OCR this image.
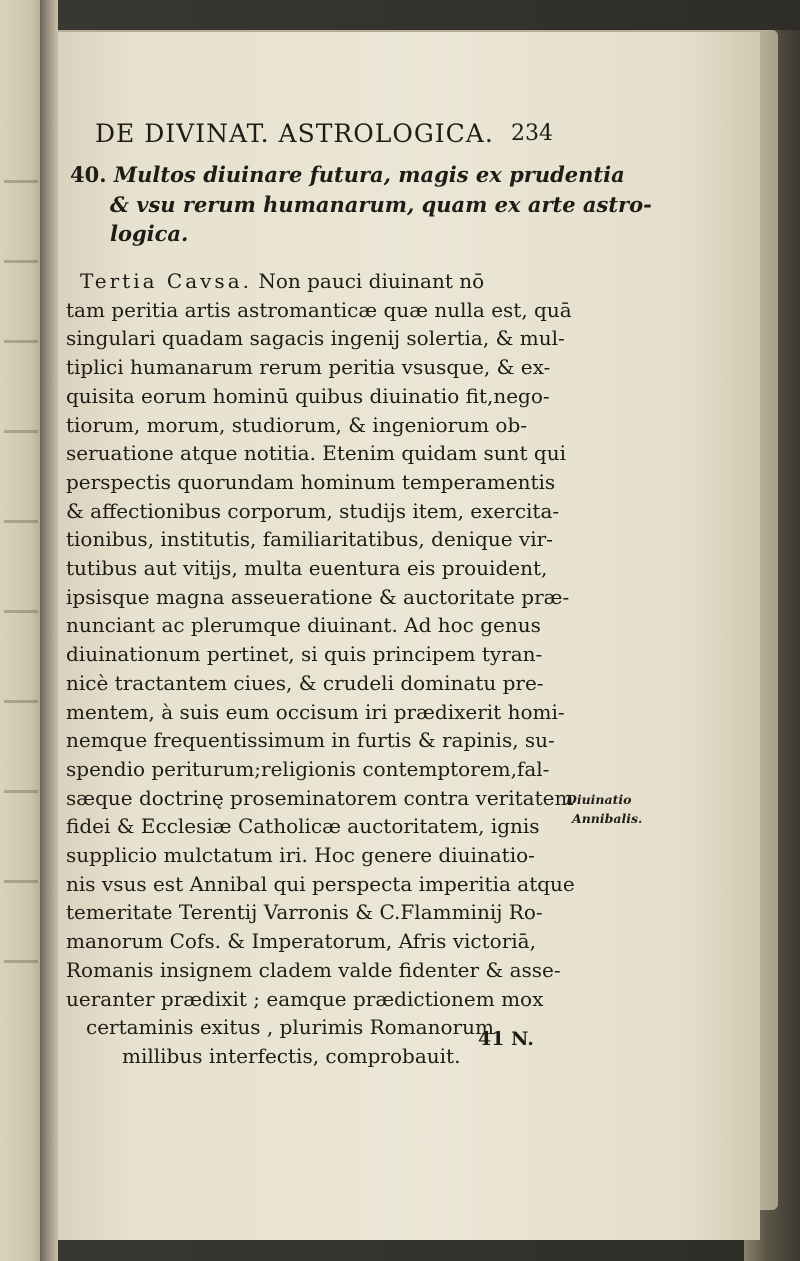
DE DIVINAT. ASTROLOGICA. 234
40. Multos diuinare futura, magis ex prudentia
& vsu rerum humanarum, quam ex arte astro-
logica.
Tertia Cavsa. Non pauci diuinant nō
tam peritia artis astromanticæ quæ nulla est, quā
singulari quadam sagacis ingenij solertia, & mul-
tiplici humanarum rerum peritia vsusque, & ex-
quisita eorum hominū quibus diuinatio fit,nego-
tiorum, morum, studiorum, & ingeniorum ob-
seruatione atque notitia. Etenim quidam sunt qui
perspectis quorundam hominum temperamentis
& affectionibus corporum, studijs item, exercita-
tionibus, institutis, familiaritatibus, denique vir-
tutibus aut vitijs, multa euentura eis prouident,
ipsisque magna asseueratione & auctoritate præ-
nunciant ac plerumque diuinant. Ad hoc genus
diuinationum pertinet, si quis principem tyran-
nicè tractantem ciues, & crudeli dominatu pre-
mentem, à suis eum occisum iri prædixerit homi-
nemque frequentissimum in furtis & rapinis, su-
spendio periturum;religionis contemptorem,fal-
sæque doctrinę proseminatorem contra veritatem
fidei & Ecclesiæ Catholicæ auctoritatem, ignis
supplicio mulctatum iri. Hoc genere diuinatio-
nis vsus est Annibal qui perspecta imperitia atque
temeritate Terentij Varronis & C.Flamminij Ro-
manorum Cofs. & Imperatorum, Afris victoriā,
Romanis insignem cladem valde fidenter & asse-
ueranter prædixit ; eamque prædictionem mox
certaminis exitus , plurimis Romanorum
millibus interfectis, comprobauit.
Diuinatio
Annibalis.
41 N.
